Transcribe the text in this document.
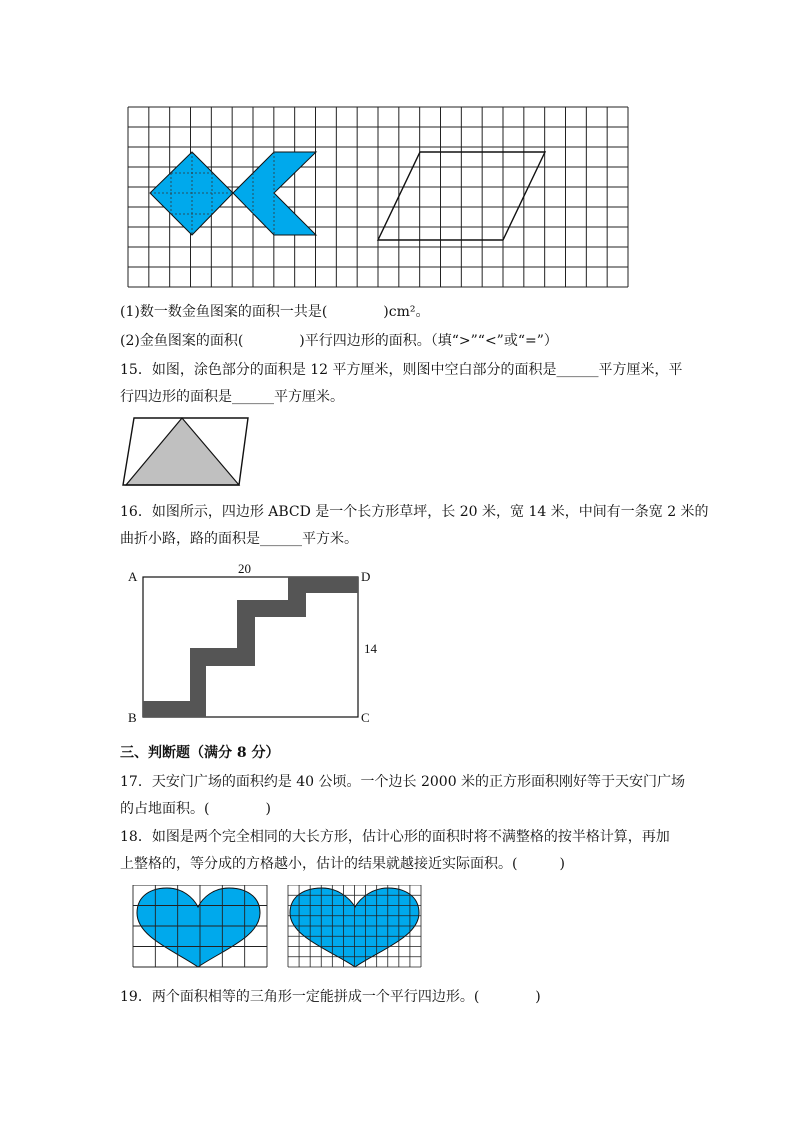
(1)数一数金鱼图案的面积一共是(　　　　)cm²。
(2)金鱼图案的面积(　　　　)平行四边形的面积。（填“>”“<”或“=”）
15．如图，涂色部分的面积是 12 平方厘米，则图中空白部分的面积是______平方厘米，平
行四边形的面积是______平方厘米。
16．如图所示，四边形 ABCD 是一个长方形草坪，长 20 米，宽 14 米，中间有一条宽 2 米的
曲折小路，路的面积是______平方米。
A	D
B	C
20
14
三、判断题（满分 8 分）
17．天安门广场的面积约是 40 公顷。一个边长 2000 米的正方形面积刚好等于天安门广场
的占地面积。(　　　　)
18．如图是两个完全相同的大长方形，估计心形的面积时将不满整格的按半格计算，再加
上整格的，等分成的方格越小，估计的结果就越接近实际面积。(　　　)
19．两个面积相等的三角形一定能拼成一个平行四边形。(　　　　)
